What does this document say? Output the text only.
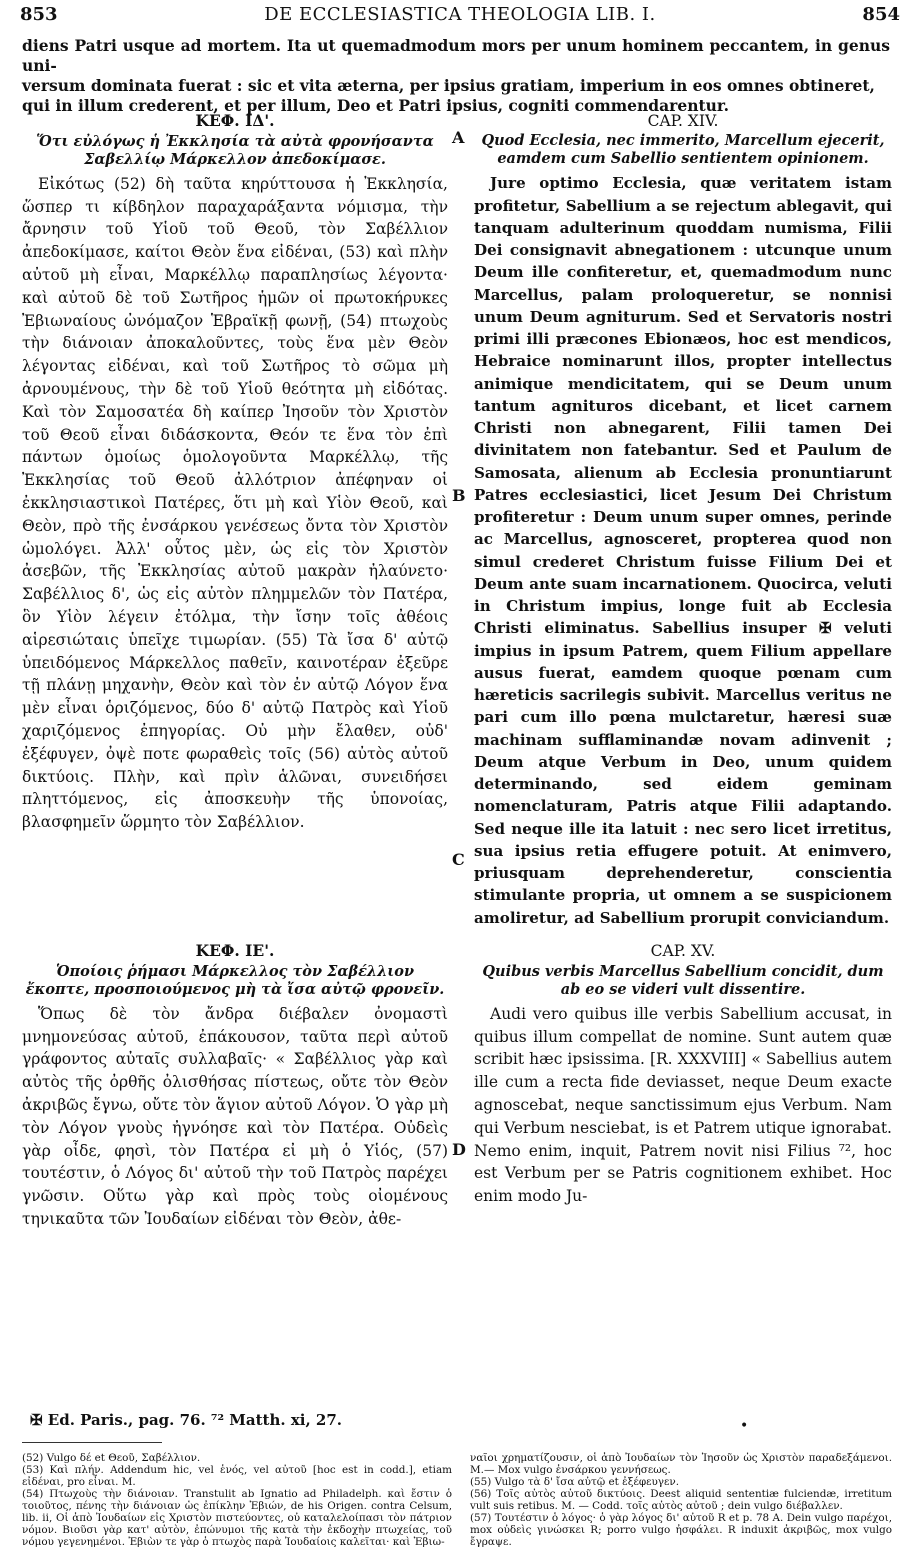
853	DE ECCLESIASTICA THEOLOGIA LIB. I.	854
diens Patri usque ad mortem. Ita ut quemadmodum mors per unum hominem peccantem, in genus uni-
versum dominata fuerat : sic et vita æterna, per ipsius gratiam, imperium in eos omnes obtineret,
qui in illum crederent, et per illum, Deo et Patri ipsius, cogniti commendarentur.
A
B
C
D
ΚΕΦ. ΙΔ'.

Ὅτι εὐλόγως ἡ Ἐκκλησία τὰ αὐτὰ φρονήσαντα Σαβελλίῳ Μάρκελλον ἀπεδοκίμασε.

Εἰκότως (52) δὴ ταῦτα κηρύττουσα ἡ Ἐκκλησία, ὥσπερ τι κίβδηλον παραχαράξαντα νόμισμα, τὴν ἄρνησιν τοῦ Υἱοῦ τοῦ Θεοῦ, τὸν Σαβέλλιον ἀπεδοκίμασε, καίτοι Θεὸν ἕνα εἰδέναι, (53) καὶ πλὴν αὐτοῦ μὴ εἶναι, Μαρκέλλῳ παραπλησίως λέγοντα· καὶ αὐτοῦ δὲ τοῦ Σωτῆρος ἡμῶν οἱ πρωτοκήρυκες Ἐβιωναίους ὠνόμαζον Ἑβραϊκῇ φωνῇ, (54) πτωχοὺς τὴν διάνοιαν ἀποκαλοῦντες, τοὺς ἕνα μὲν Θεὸν λέγοντας εἰδέναι, καὶ τοῦ Σωτῆρος τὸ σῶμα μὴ ἀρνουμένους, τὴν δὲ τοῦ Υἱοῦ θεότητα μὴ εἰδότας. Καὶ τὸν Σαμοσατέα δὴ καίπερ Ἰησοῦν τὸν Χριστὸν τοῦ Θεοῦ εἶναι διδάσκοντα, Θεόν τε ἕνα τὸν ἐπὶ πάντων ὁμοίως ὁμολογοῦντα Μαρκέλλῳ, τῆς Ἐκκλησίας τοῦ Θεοῦ ἀλλότριον ἀπέφηναν οἱ ἐκκλησιαστικοὶ Πατέρες, ὅτι μὴ καὶ Υἱὸν Θεοῦ, καὶ Θεὸν, πρὸ τῆς ἐνσάρκου γενέσεως ὄντα τὸν Χριστὸν ὡμολόγει. Ἀλλ' οὗτος μὲν, ὡς εἰς τὸν Χριστὸν ἀσεβῶν, τῆς Ἐκκλησίας αὐτοῦ μακρὰν ἠλαύνετο· Σαβέλλιος δ', ὡς εἰς αὐτὸν πλημμελῶν τὸν Πατέρα, ὃν Υἱὸν λέγειν ἐτόλμα, τὴν ἴσην τοῖς ἀθέοις αἱρεσιώταις ὑπεῖχε τιμωρίαν. (55) Τὰ ἴσα δ' αὐτῷ ὑπειδόμενος Μάρκελλος παθεῖν, καινοτέραν ἐξεῦρε τῇ πλάνῃ μηχανὴν, Θεὸν καὶ τὸν ἐν αὐτῷ Λόγον ἕνα μὲν εἶναι ὁριζόμενος, δύο δ' αὐτῷ Πατρὸς καὶ Υἱοῦ χαριζόμενος ἐπηγορίας. Οὐ μὴν ἔλαθεν, οὐδ' ἐξέφυγεν, ὀψὲ ποτε φωραθεὶς τοῖς (56) αὐτὸς αὐτοῦ δικτύοις. Πλὴν, καὶ πρὶν ἁλῶναι, συνειδήσει πληττόμενος, εἰς ἀποσκευὴν τῆς ὑπονοίας, βλασφημεῖν ὥρμητο τὸν Σαβέλλιον.

CAP. XIV.

Quod Ecclesia, nec immerito, Marcellum ejecerit, eamdem cum Sabellio sentientem opinionem.

Jure optimo Ecclesia, quæ veritatem istam profitetur, Sabellium a se rejectum ablegavit, qui tanquam adulterinum quoddam numisma, Filii Dei consignavit abnegationem : utcunque unum Deum ille confiteretur, et, quemadmodum nunc Marcellus, palam proloqueretur, se nonnisi unum Deum agniturum. Sed et Servatoris nostri primi illi præcones Ebionæos, hoc est mendicos, Hebraice nominarunt illos, propter intellectus animique mendicitatem, qui se Deum unum tantum agnituros dicebant, et licet carnem Christi non abnegarent, Filii tamen Dei divinitatem non fatebantur. Sed et Paulum de Samosata, alienum ab Ecclesia pronuntiarunt Patres ecclesiastici, licet Jesum Dei Christum profiteretur : Deum unum super omnes, perinde ac Marcellus, agnosceret, propterea quod non simul crederet Christum fuisse Filium Dei et Deum ante suam incarnationem. Quocirca, veluti in Christum impius, longe fuit ab Ecclesia Christi eliminatus. Sabellius insuper ✠ veluti impius in ipsum Patrem, quem Filium appellare ausus fuerat, eamdem quoque pœnam cum hæreticis sacrilegis subivit. Marcellus veritus ne pari cum illo pœna mulctaretur, hæresi suæ machinam sufflaminandæ novam adinvenit ; Deum atque Verbum in Deo, unum quidem determinando, sed eidem geminam nomenclaturam, Patris atque Filii adaptando. Sed neque ille ita latuit : nec sero licet irretitus, sua ipsius retia effugere potuit. At enimvero, priusquam deprehenderetur, conscientia stimulante propria, ut omnem a se suspicionem amoliretur, ad Sabellium prorupit conviciandum.

ΚΕΦ. ΙΕ'.

Ὁποίοις ῥήμασι Μάρκελλος τὸν Σαβέλλιον ἔκοπτε, προσποιούμενος μὴ τὰ ἴσα αὐτῷ φρονεῖν.

Ὅπως δὲ τὸν ἄνδρα διέβαλεν ὀνομαστὶ μνημονεύσας αὐτοῦ, ἐπάκουσον, ταῦτα περὶ αὐτοῦ γράφοντος αὐταῖς συλλαβαῖς· « Σαβέλλιος γὰρ καὶ αὐτὸς τῆς ὀρθῆς ὀλισθήσας πίστεως, οὔτε τὸν Θεὸν ἀκριβῶς ἔγνω, οὔτε τὸν ἅγιον αὐτοῦ Λόγον. Ὁ γὰρ μὴ τὸν Λόγον γνοὺς ἠγνόησε καὶ τὸν Πατέρα. Οὐδεὶς γὰρ οἶδε, φησὶ, τὸν Πατέρα εἰ μὴ ὁ Υἱός, (57) τουτέστιν, ὁ Λόγος δι' αὐτοῦ τὴν τοῦ Πατρὸς παρέχει γνῶσιν. Οὕτω γὰρ καὶ πρὸς τοὺς οἰομένους τηνικαῦτα τῶν Ἰουδαίων εἰδέναι τὸν Θεὸν, ἀθε-

CAP. XV.

Quibus verbis Marcellus Sabellium concidit, dum ab eo se videri vult dissentire.

Audi vero quibus ille verbis Sabellium accusat, in quibus illum compellat de nomine. Sunt autem quæ scribit hæc ipsissima. [R. XXXVIII] « Sabellius autem ille cum a recta fide deviasset, neque Deum exacte agnoscebat, neque sanctissimum ejus Verbum. Nam qui Verbum nesciebat, is et Patrem utique ignorabat. Nemo enim, inquit, Patrem novit nisi Filius ⁷², hoc est Verbum per se Patris cognitionem exhibet. Hoc enim modo Ju-

✠ Ed. Paris., pag. 76. ⁷² Matth. xi, 27.	•
(52) Vulgo δέ et Θεοῦ, Σαβέλλιον.
(53) Καὶ πλήν. Addendum hic, vel ἑνός, vel αὐτοῦ [hoc est in codd.], etiam εἰδέναι, pro εἶναι. M.
(54) Πτωχοὺς τὴν διάνοιαν. Transtulit ab Ignatio ad Philadelph. καὶ ἔστιν ὁ τοιοῦτος, πένης τὴν διάνοιαν ὡς ἐπίκλην Ἐβιών, de his Origen. contra Celsum, lib. ii, Οἱ ἀπὸ Ἰουδαίων εἰς Χριστὸν πιστεύοντες, οὐ καταλελοίπασι τὸν πάτριον νόμον. Βιοῦσι γὰρ κατ' αὐτὸν, ἐπώνυμοι τῆς κατὰ τὴν ἐκδοχὴν πτωχείας, τοῦ νόμου γεγενημένοι. Ἐβιὼν τε γὰρ ὁ πτωχὸς παρὰ Ἰουδαίοις καλεῖται· καὶ Ἐβιω-
ναῖοι χρηματίζουσιν, οἱ ἀπὸ Ἰουδαίων τὸν Ἰησοῦν ὡς Χριστὸν παραδεξάμενοι. M.— Mox vulgo ἐνσάρκου γεννήσεως.
(55) Vulgo τὰ δ' ἴσα αὐτῷ et ἐξέφευγεν.
(56) Τοῖς αὐτὸς αὐτοῦ δικτύοις. Deest aliquid sententiæ fulciendæ, irretitum vult suis retibus. M. — Codd. τοῖς αὐτὸς αὐτοῦ ; dein vulgo διέβαλλεν.
(57) Τουτέστιν ὁ λόγος· ὁ γὰρ λόγος δι' αὐτοῦ R et p. 78 A. Dein vulgo παρέχοι, mox οὐδεὶς γινώσκει R; porro vulgo ἠσφάλει. R induxit ἀκριβῶς, mox vulgo ἔγραψε.
